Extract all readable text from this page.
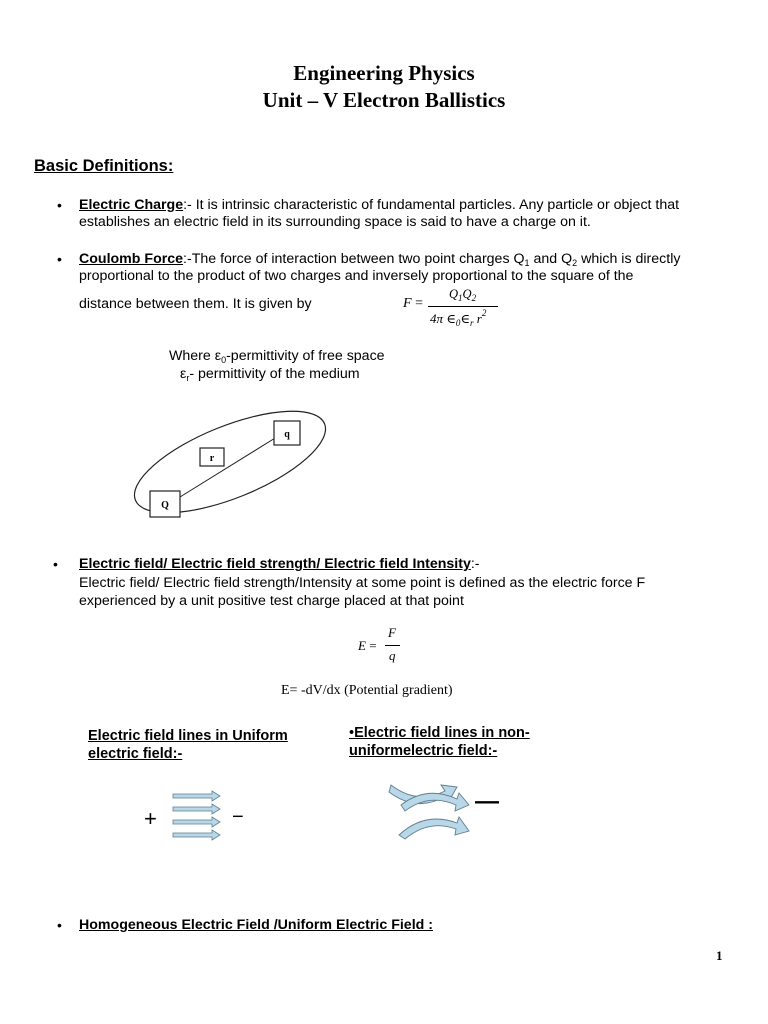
Engineering Physics
Unit – V Electron Ballistics
Basic Definitions:
• Electric Charge:- It is intrinsic characteristic of fundamental particles. Any particle or object that
establishes an electric field in its surrounding space is said to have a charge on it.
• Coulomb Force:-The force of interaction between two point charges $Q_1$ and $Q_2$ which is directly
proportional to the product of two charges and inversely proportional to the square of the
distance between them. It is given by	F =
$Q_1Q_2$
4π $\in_0\in_r$ $r^2$
Where $\varepsilon_0$-permittivity of free space
$\varepsilon_r-$ permittivity of the medium
q
r
Q
• Electric field/ Electric field strength/ Electric field Intensity:-
Electric field/ Electric field strength/Intensity at some point is defined as the electric force F
experienced by a unit positive test charge placed at that point
E =
F
q
E= -dV/dx (Potential gradient)
Electric field lines in Uniform
electric field:-
•Electric field lines in non-
uniformelectric field:-
+	−
—
• Homogeneous Electric Field /Uniform Electric Field :
1
